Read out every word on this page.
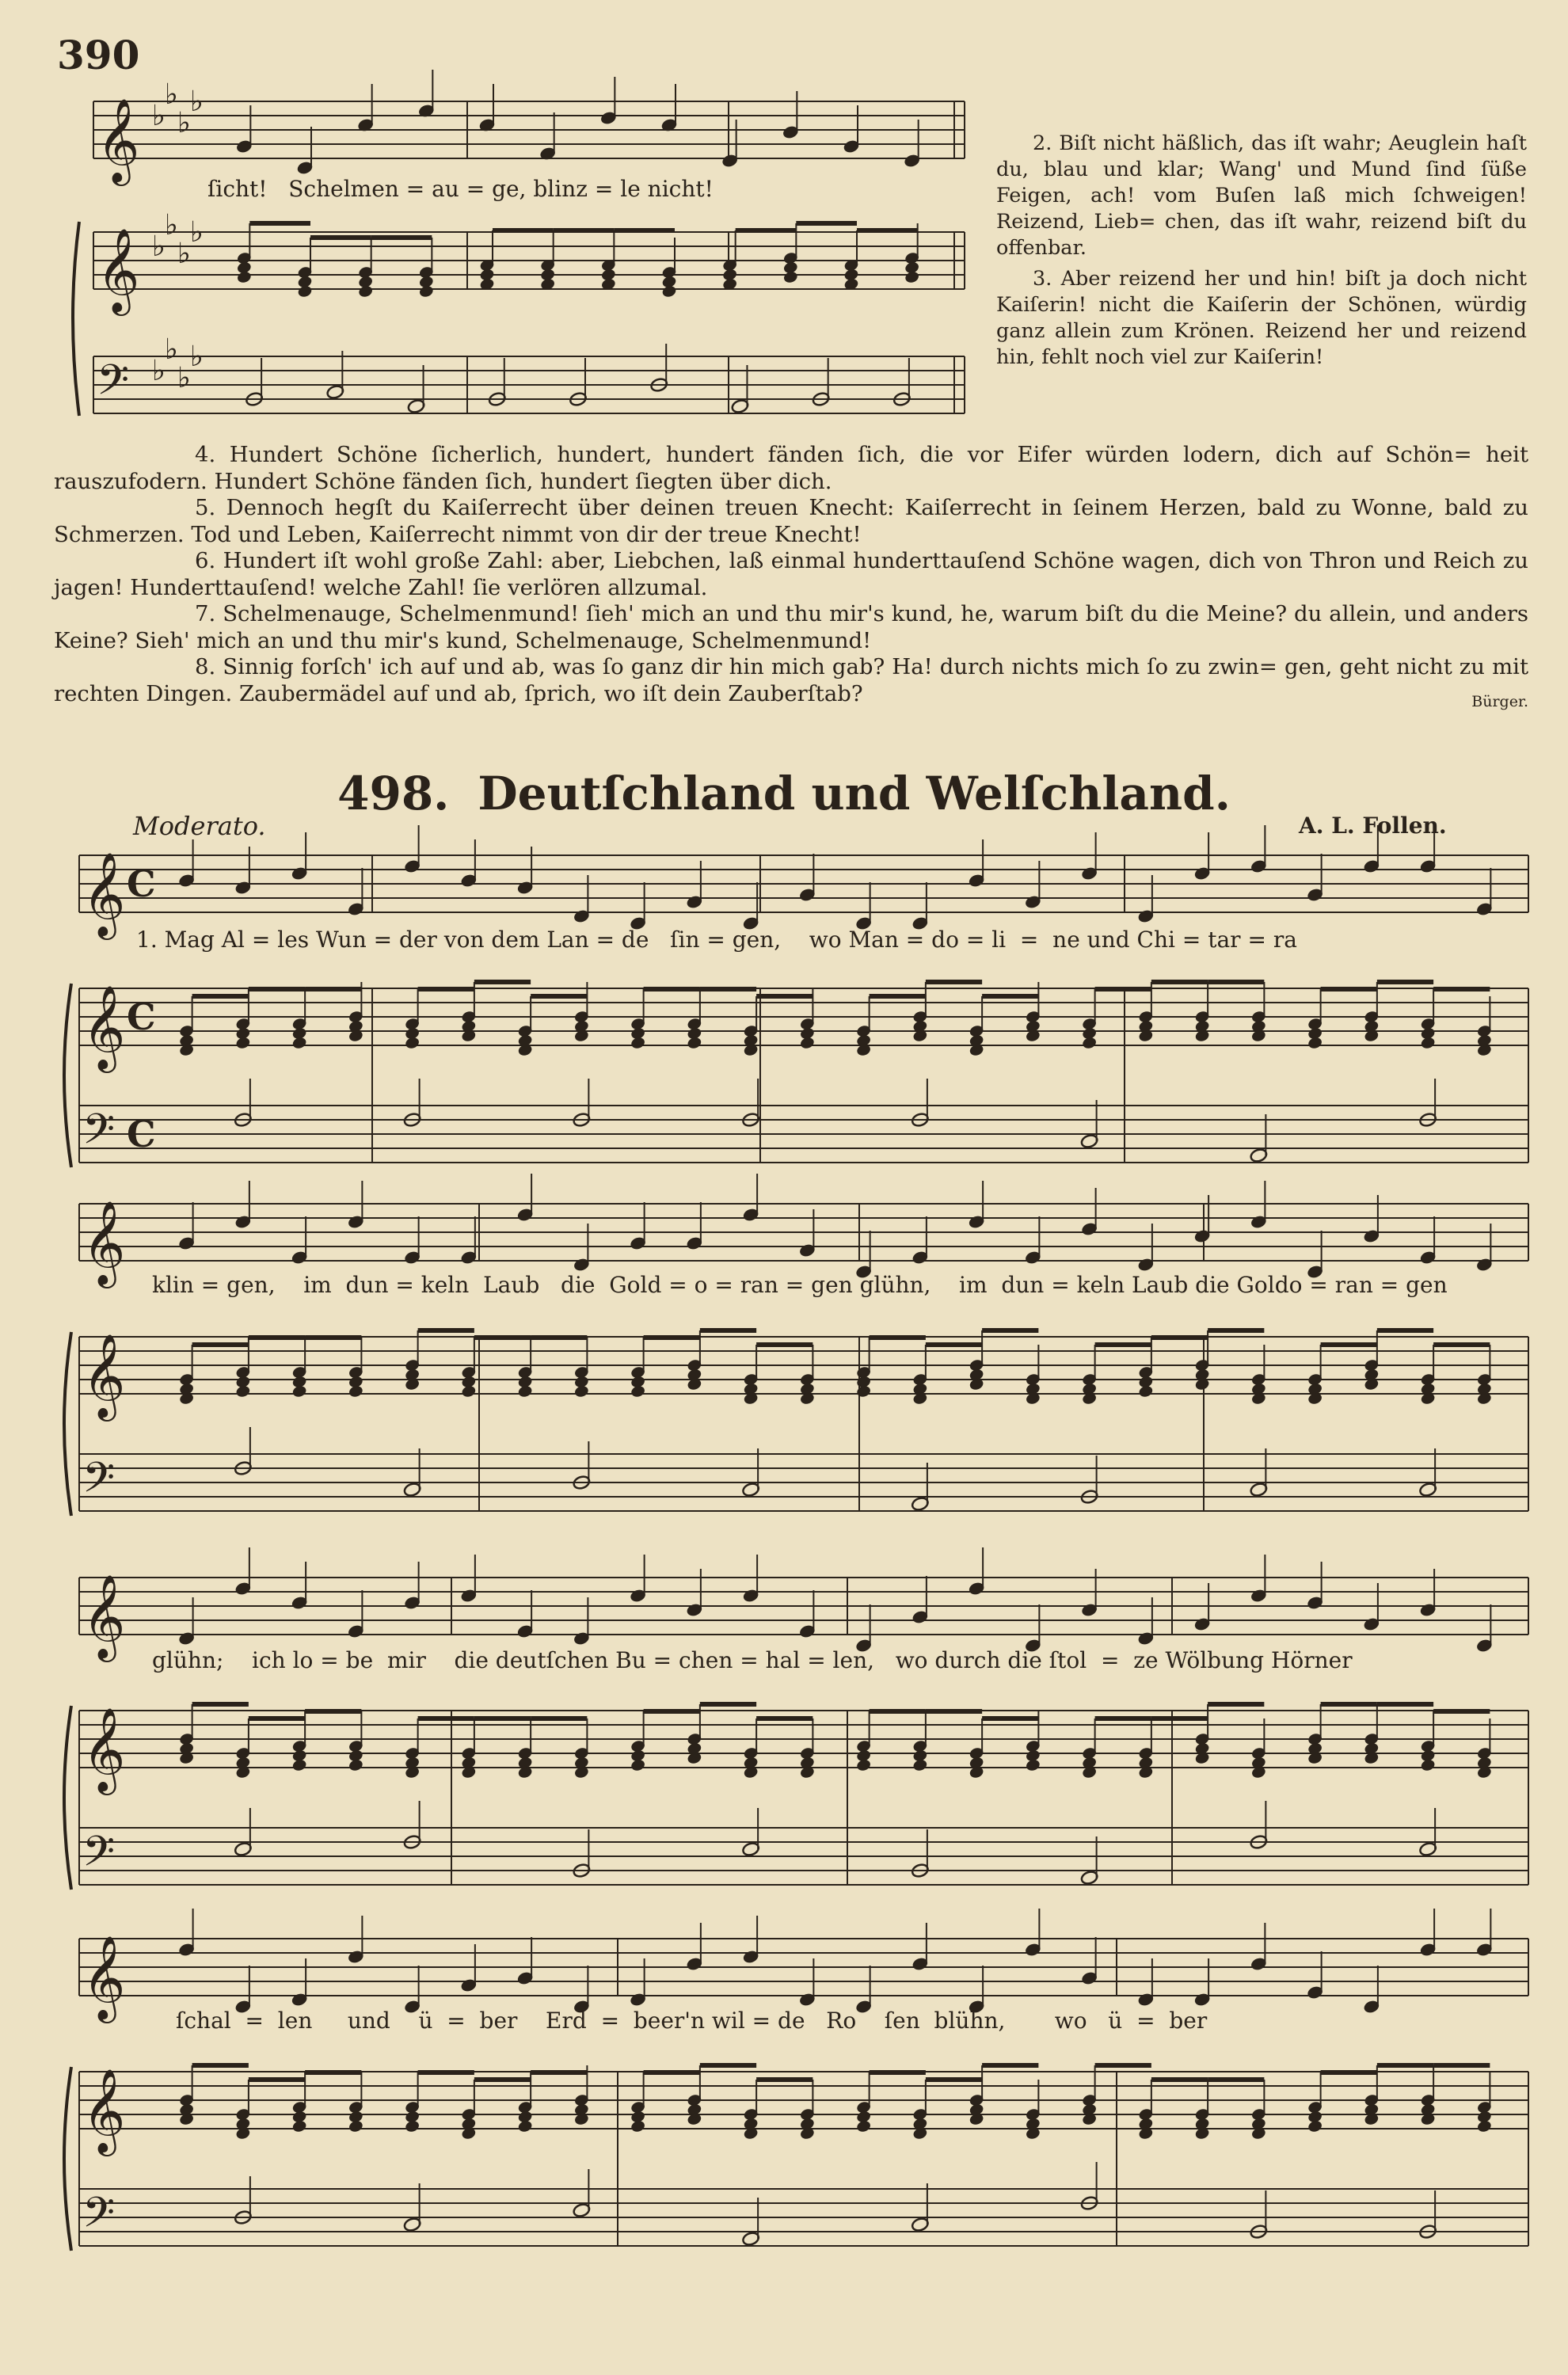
390
𝄞 ♭
♭
♭
♭
𝄞 ♭
♭
♭
♭
𝄢 ♭
♭
♭
♭
𝄞
𝄞
𝄢
C
C
C
𝄞
𝄞
𝄢
𝄞
𝄞
𝄢
𝄞
𝄞
𝄢
ſicht!   Schelmen = au = ge, blinz = le nicht!

2. Biſt nicht häßlich, das iſt wahr; Aeuglein haſt du, blau und klar; Wang' und Mund ſind ſüße Feigen, ach! vom Buſen laß mich ſchweigen! Reizend, Lieb= chen, das iſt wahr, reizend biſt du offenbar.

3. Aber reizend her und hin! biſt ja doch nicht Kaiſerin! nicht die Kaiſerin der Schönen, würdig ganz allein zum Krönen. Reizend her und reizend hin, fehlt noch viel zur Kaiſerin!

4. Hundert Schöne ſicherlich, hundert, hundert fänden ſich, die vor Eifer würden lodern, dich auf Schön= heit rauszufodern. Hundert Schöne fänden ſich, hundert ſiegten über dich.

5. Dennoch hegſt du Kaiſerrecht über deinen treuen Knecht: Kaiſerrecht in ſeinem Herzen, bald zu Wonne, bald zu Schmerzen. Tod und Leben, Kaiſerrecht nimmt von dir der treue Knecht!

6. Hundert iſt wohl große Zahl: aber, Liebchen, laß einmal hunderttauſend Schöne wagen, dich von Thron und Reich zu jagen! Hunderttauſend! welche Zahl! ſie verlören allzumal.

7. Schelmenauge, Schelmenmund! ſieh' mich an und thu mir's kund, he, warum biſt du die Meine? du allein, und anders Keine? Sieh' mich an und thu mir's kund, Schelmenauge, Schelmenmund!

8. Sinnig forſch' ich auf und ab, was ſo ganz dir hin mich gab? Ha! durch nichts mich ſo zu zwin= gen, geht nicht zu mit rechten Dingen. Zaubermädel auf und ab, ſprich, wo iſt dein Zauberſtab?	Bürger.

498. Deutſchland und Welſchland.
Moderato.	A. L. Follen.
1. Mag Al = les Wun = der von dem Lan = de   ſin = gen,    wo Man = do = li  =  ne und Chi = tar = ra
klin = gen,    im  dun = keln  Laub   die  Gold = o = ran = gen glühn,    im  dun = keln Laub die Goldo = ran = gen
glühn;    ich lo = be  mir    die deutſchen Bu = chen = hal = len,   wo durch die ſtol  =  ze Wölbung Hörner
ſchal  =  len     und    ü  =  ber    Erd  =  beer'n wil = de   Ro    ſen  blühn,       wo   ü  =  ber
